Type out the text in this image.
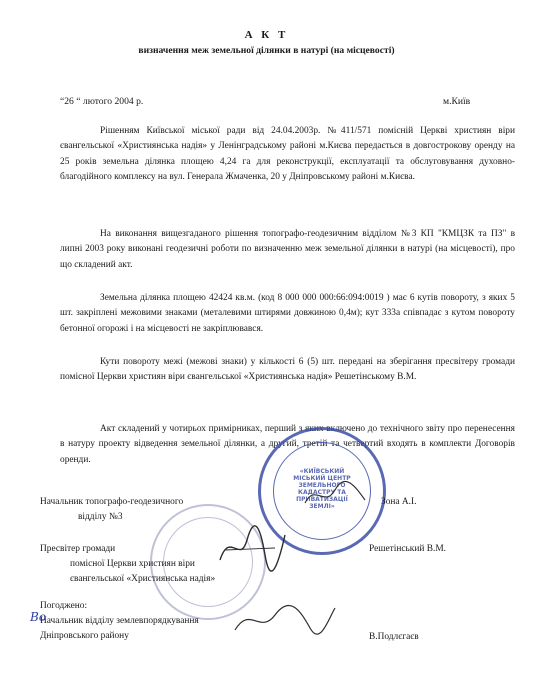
А К Т
визначення меж земельної ділянки в натурі (на місцевості)
“26 “ лютого 2004 р.	м.Київ
Рішенням Київської міської ради від 24.04.2003р. №411/571 помісній Церкві християн віри євангельської «Християнська надія» у Ленінградському районі м.Києва передається в довгострокову оренду на 25 років земельна ділянка площею 4,24 га для реконструкції, експлуатації та обслуговування духовно-благодійного комплексу на вул. Генерала Жмаченка, 20 у Дніпровському районі м.Києва.
На виконання вищезгаданого рішення топографо-геодезичним відділом №3 КП "КМЦЗК та ПЗ" в липні 2003 року виконані геодезичні роботи по визначенню меж земельної ділянки в натурі (на місцевості), про що складений акт.
Земельна ділянка площею 42424 кв.м. (код 8 000 000 000:66:094:0019 ) має 6 кутів повороту, з яких 5 шт. закріплені межовими знаками (металевими штирями довжиною 0,4м); кут 333а співпадає з кутом повороту бетонної огорожі і на місцевості не закріплювався.
Кути повороту межі (межові знаки) у кількості 6 (5) шт. передані на зберігання пресвітеру громади помісної Церкви християн віри євангельської «Християнська надія» Решетінському В.М.
Акт складений у чотирьох примірниках, перший з яких включено до технічного звіту про перенесення в натуру проекту відведення земельної ділянки, а другий, третій та четвертий входять в комплекти Договорів оренди.
«КИЇВСЬКИЙ МІСЬКИЙ ЦЕНТР ЗЕМЕЛЬНОГО КАДАСТРУ ТА ПРИВАТИЗАЦІЇ ЗЕМЛІ»
Начальник топографо-геодезичного
відділу №3
Зона А.І.
Пресвітер громади
помісної Церкви християн віри
євангельської «Християнська надія»
Решетінський В.М.
Погоджено:
Начальник відділу землевпорядкування
Дніпровського району	В.Подлєгаєв
Во
